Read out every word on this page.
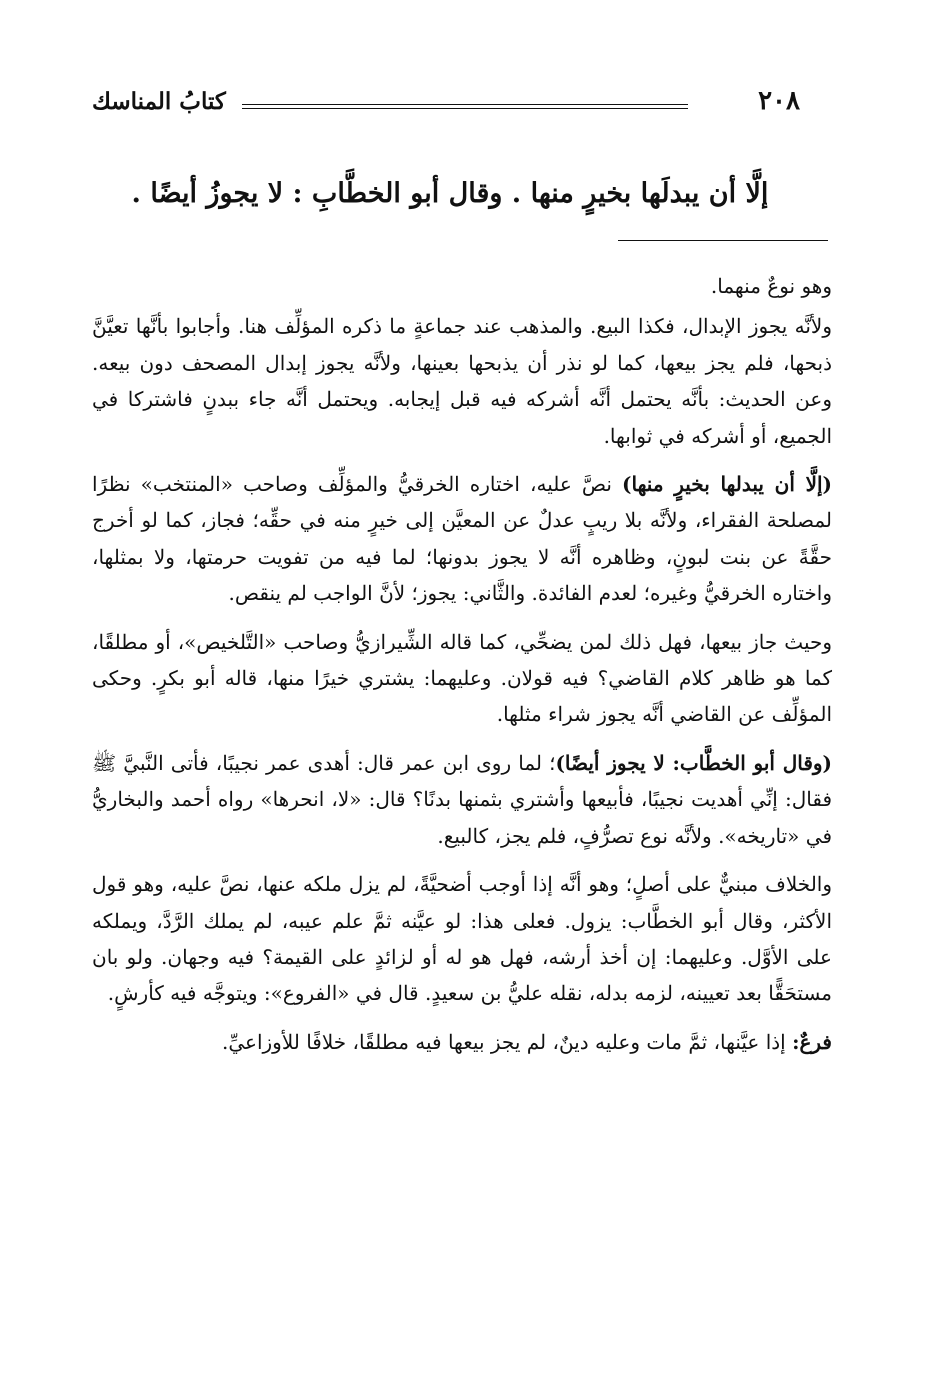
٢٠٨
كتابُ المناسك
إلَّا أن يبدلَها بخيرٍ منها . وقال أبو الخطَّابِ : لا يجوزُ أيضًا .

وهو نوعٌ منهما.

ولأنَّه يجوز الإبدال، فكذا البيع. والمذهب عند جماعةٍ ما ذكره المؤلِّف هنا. وأجابوا بأنَّها تعيَّنَّ ذبحها، فلم يجز بيعها، كما لو نذر أن يذبحها بعينها، ولأنَّه يجوز إبدال المصحف دون بيعه. وعن الحديث: بأنَّه يحتمل أنَّه أشركه فيه قبل إيجابه. ويحتمل أنَّه جاء ببدنٍ فاشتركا في الجميع، أو أشركه في ثوابها.

(إلَّا أن يبدلها بخيرٍ منها) نصَّ عليه، اختاره الخرقيُّ والمؤلِّف وصاحب «المنتخب» نظرًا لمصلحة الفقراء، ولأنَّه بلا ريبٍ عدلٌ عن المعيَّن إلى خيرٍ منه في حقِّه؛ فجاز، كما لو أخرج حقَّةً عن بنت لبونٍ، وظاهره أنَّه لا يجوز بدونها؛ لما فيه من تفويت حرمتها، ولا بمثلها، واختاره الخرقيُّ وغيره؛ لعدم الفائدة. والثَّاني: يجوز؛ لأنَّ الواجب لم ينقص.

وحيث جاز بيعها، فهل ذلك لمن يضحِّي، كما قاله الشِّيرازيُّ وصاحب «التَّلخيص»، أو مطلقًا، كما هو ظاهر كلام القاضي؟ فيه قولان. وعليهما: يشتري خيرًا منها، قاله أبو بكرٍ. وحكى المؤلِّف عن القاضي أنَّه يجوز شراء مثلها.

(وقال أبو الخطَّاب: لا يجوز أيضًا)؛ لما روى ابن عمر قال: أهدى عمر نجيبًا، فأتى النَّبيَّ ﷺ فقال: إنِّي أهديت نجيبًا، فأبيعها وأشتري بثمنها بدنًا؟ قال: «لا، انحرها» رواه أحمد والبخاريُّ في «تاريخه». ولأنَّه نوع تصرُّفٍ، فلم يجز، كالبيع.

والخلاف مبنيٌّ على أصلٍ؛ وهو أنَّه إذا أوجب أضحيَّةً، لم يزل ملكه عنها، نصَّ عليه، وهو قول الأكثر، وقال أبو الخطَّاب: يزول. فعلى هذا: لو عيَّنه ثمَّ علم عيبه، لم يملك الرَّدَّ، ويملكه على الأوَّل. وعليهما: إن أخذ أرشه، فهل هو له أو لزائدٍ على القيمة؟ فيه وجهان. ولو بان مستحَقًّا بعد تعيينه، لزمه بدله، نقله عليُّ بن سعيدٍ. قال في «الفروع»: ويتوجَّه فيه كأرشٍ.

فرعٌ: إذا عيَّنها، ثمَّ مات وعليه دينٌ، لم يجز بيعها فيه مطلقًا، خلافًا للأوزاعيِّ.
